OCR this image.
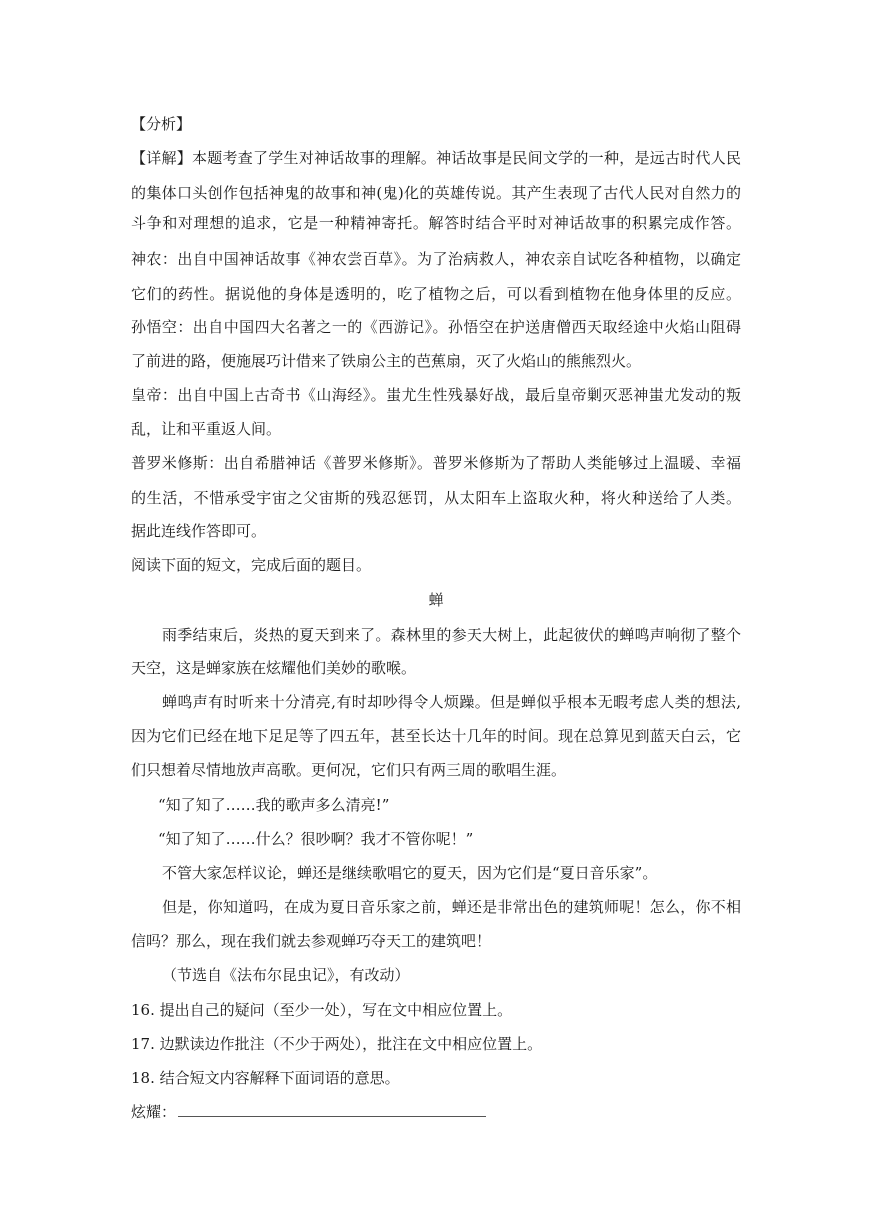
【分析】
【详解】本题考查了学生对神话故事的理解。神话故事是民间文学的一种，是远古时代人民
的集体口头创作包括神鬼的故事和神(鬼)化的英雄传说。其产生表现了古代人民对自然力的
斗争和对理想的追求，它是一种精神寄托。解答时结合平时对神话故事的积累完成作答。
神农：出自中国神话故事《神农尝百草》。为了治病救人，神农亲自试吃各种植物，以确定
它们的药性。据说他的身体是透明的，吃了植物之后，可以看到植物在他身体里的反应。
孙悟空：出自中国四大名著之一的《西游记》。孙悟空在护送唐僧西天取经途中火焰山阻碍
了前进的路，便施展巧计借来了铁扇公主的芭蕉扇，灭了火焰山的熊熊烈火。
皇帝：出自中国上古奇书《山海经》。蚩尤生性残暴好战，最后皇帝剿灭恶神蚩尤发动的叛
乱，让和平重返人间。
普罗米修斯：出自希腊神话《普罗米修斯》。普罗米修斯为了帮助人类能够过上温暖、幸福
的生活，不惜承受宇宙之父宙斯的残忍惩罚，从太阳车上盗取火种，将火种送给了人类。
据此连线作答即可。
阅读下面的短文，完成后面的题目。
蝉
雨季结束后，炎热的夏天到来了。森林里的参天大树上，此起彼伏的蝉鸣声响彻了整个
天空，这是蝉家族在炫耀他们美妙的歌喉。
蝉鸣声有时听来十分清亮,有时却吵得令人烦躁。但是蝉似乎根本无暇考虑人类的想法,
因为它们已经在地下足足等了四五年，甚至长达十几年的时间。现在总算见到蓝天白云，它
们只想着尽情地放声高歌。更何况，它们只有两三周的歌唱生涯。
“知了知了……我的歌声多么清亮!”
“知了知了……什么？很吵啊？我才不管你呢！”
不管大家怎样议论，蝉还是继续歌唱它的夏天，因为它们是“夏日音乐家”。
但是，你知道吗，在成为夏日音乐家之前，蝉还是非常出色的建筑师呢！怎么，你不相
信吗？那么，现在我们就去参观蝉巧夺天工的建筑吧！
（节选自《法布尔昆虫记》，有改动）
16. 提出自己的疑问（至少一处），写在文中相应位置上。
17. 边默读边作批注（不少于两处），批注在文中相应位置上。
18. 结合短文内容解释下面词语的意思。
炫耀：
